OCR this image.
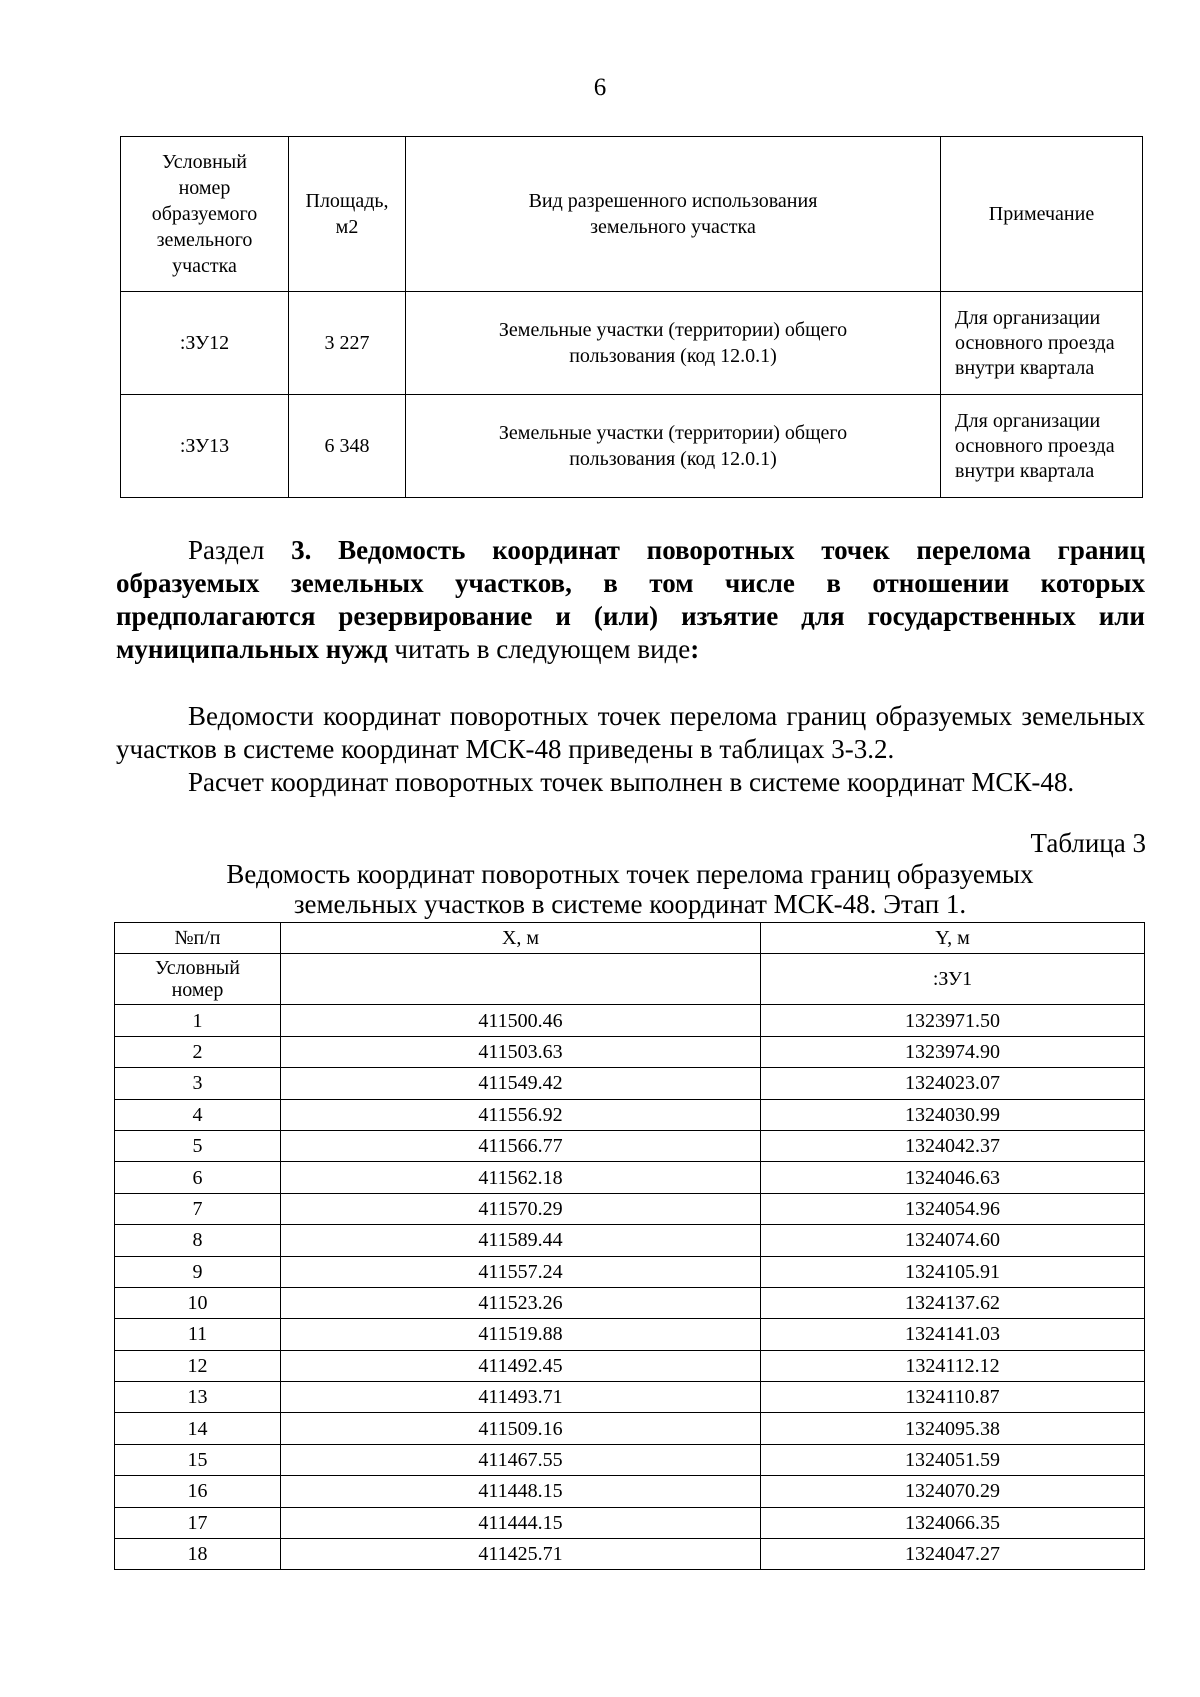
6
Условный номер образуемого земельного участка	Площадь, м2	Вид разрешенного использования земельного участка	Примечание
:ЗУ12	3 227	Земельные участки (территории) общего пользования (код 12.0.1)	Для организации основного проезда внутри квартала
:ЗУ13	6 348	Земельные участки (территории) общего пользования (код 12.0.1)	Для организации основного проезда внутри квартала
Раздел 3. Ведомость координат поворотных точек перелома границ образуемых земельных участков, в том числе в отношении которых предполагаются резервирование и (или) изъятие для государственных или муниципальных нужд читать в следующем виде:
Ведомости координат поворотных точек перелома границ образуемых земельных участков в системе координат МСК-48 приведены в таблицах 3-3.2.
Расчет координат поворотных точек выполнен в системе координат МСК-48.
Таблица 3
Ведомость координат поворотных точек перелома границ образуемых
земельных участков в системе координат МСК-48. Этап 1.
№п/п	X, м	Y, м
Условный номер		:ЗУ1
1	411500.46	1323971.50
2	411503.63	1323974.90
3	411549.42	1324023.07
4	411556.92	1324030.99
5	411566.77	1324042.37
6	411562.18	1324046.63
7	411570.29	1324054.96
8	411589.44	1324074.60
9	411557.24	1324105.91
10	411523.26	1324137.62
11	411519.88	1324141.03
12	411492.45	1324112.12
13	411493.71	1324110.87
14	411509.16	1324095.38
15	411467.55	1324051.59
16	411448.15	1324070.29
17	411444.15	1324066.35
18	411425.71	1324047.27
